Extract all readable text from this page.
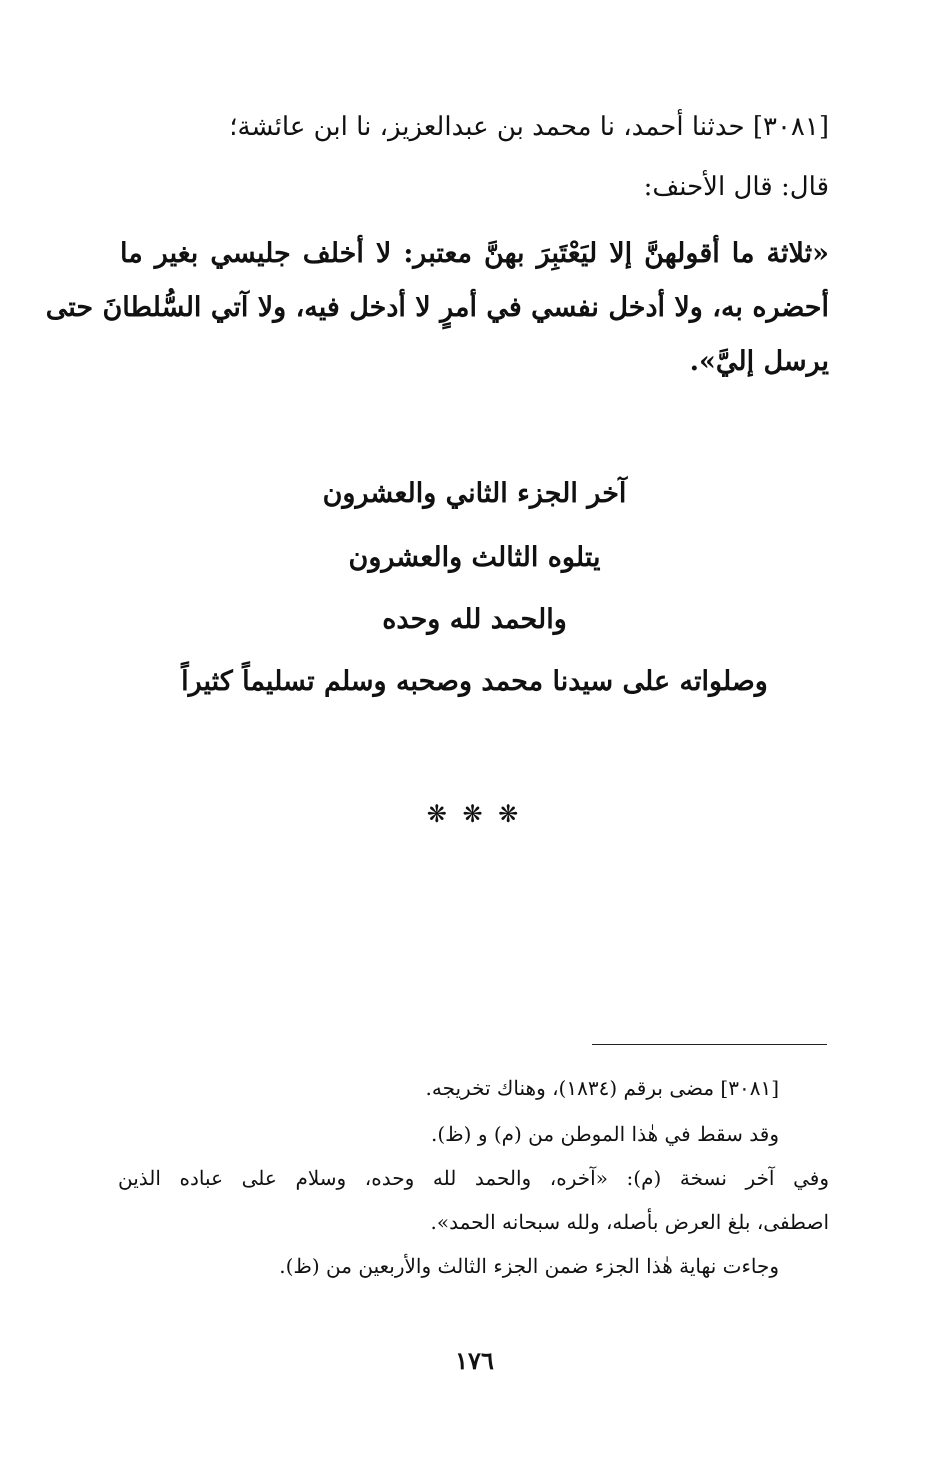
[٣٠٨١] حدثنا أحمد، نا محمد بن عبدالعزيز، نا ابن عائشة؛
قال: قال الأحنف:
«ثلاثة ما أقولهنَّ إلا ليَعْتَبِرَ بهنَّ معتبر: لا أخلف جليسي بغير ما
أحضره به، ولا أدخل نفسي في أمرٍ لا أدخل فيه، ولا آتي السُّلطانَ حتى
يرسل إليَّ».
آخر الجزء الثاني والعشرون
يتلوه الثالث والعشرون
والحمد لله وحده
وصلواته على سيدنا محمد وصحبه وسلم تسليماً كثيراً
❋ ❋ ❋
[٣٠٨١] مضى برقم (١٨٣٤)، وهناك تخريجه.
وقد سقط في هٰذا الموطن من (م) و (ظ).
وفي آخر نسخة (م): «آخره، والحمد لله وحده، وسلام على عباده الذين
اصطفى، بلغ العرض بأصله، ولله سبحانه الحمد».
وجاءت نهاية هٰذا الجزء ضمن الجزء الثالث والأربعين من (ظ).
١٧٦
